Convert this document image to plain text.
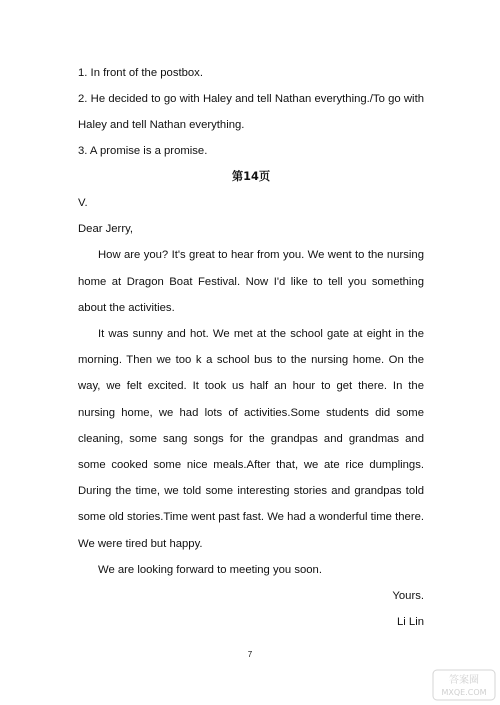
1. In front of the postbox.

2. He decided to go with Haley and tell Nathan everything./To go with Haley and tell Nathan everything.

3. A promise is a promise.

第14页

V.

Dear Jerry,

How are you? It's great to hear from you. We went to the nursing home at Dragon Boat Festival. Now I'd like to tell you something about the activities.

It was sunny and hot. We met at the school gate at eight in the morning. Then we too k a school bus to the nursing home. On the way, we felt excited. It took us half an hour to get there. In the nursing home, we had lots of activities.Some students did some cleaning, some sang songs for the grandpas and grandmas and some cooked some nice meals.After that, we ate rice dumplings. During the time, we told some interesting stories and grandpas told some old stories.Time went past fast. We had a wonderful time there. We were tired but happy.

We are looking forward to meeting you soon.

Yours.

Li Lin

7
答案圈
MXQE.COM
